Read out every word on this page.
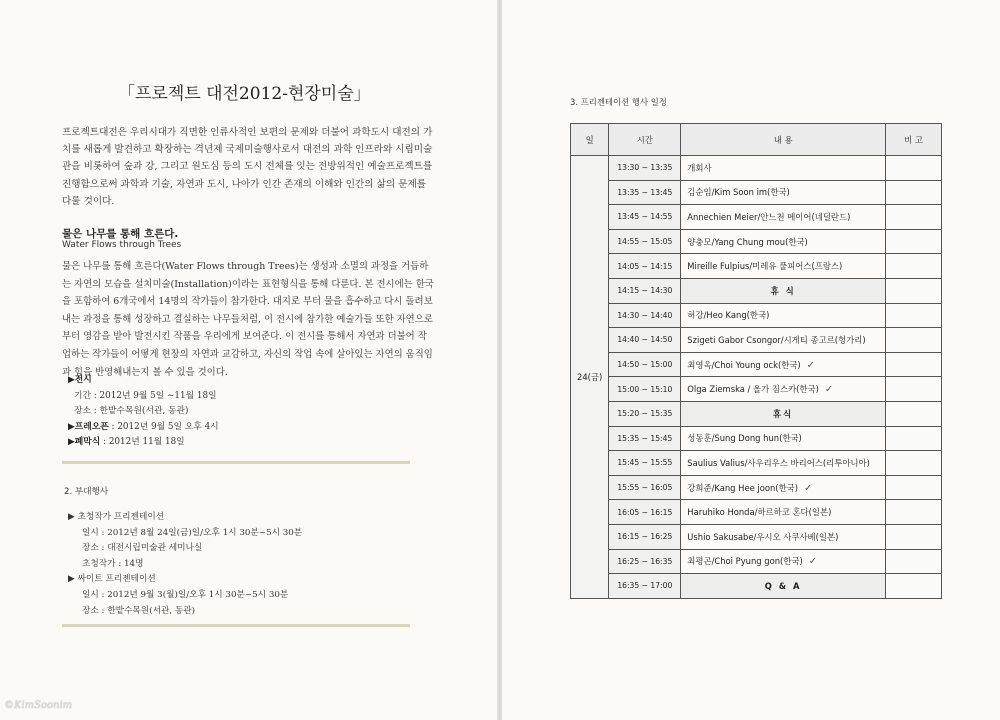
「프로젝트 대전2012-현장미술」

프로젝트대전은 우리시대가 직면한 인류사적인 보편의 문제와 더불어 과학도시 대전의 가치를 새롭게 발견하고 확장하는 격년제 국제미술행사로서 대전의 과학 인프라와 시립미술관을 비롯하여 숲과 강, 그리고 원도심 등의 도시 전체를 잇는 전방위적인 예술프로젝트를 진행함으로써 과학과 기술, 자연과 도시, 나아가 인간 존재의 이해와 인간의 삶의 문제를 다룰 것이다.

물은 나무를 통해 흐른다.
Water Flows through Trees

물은 나무를 통해 흐른다(Water Flows through Trees)는 생성과 소멸의 과정을 거듭하는 자연의 모습을 설치미술(Installation)이라는 표현형식을 통해 다룬다. 본 전시에는 한국을 포함하여 6개국에서 14명의 작가들이 참가한다. 대지로 부터 물을 흡수하고 다시 돌려보내는 과정을 통해 성장하고 결실하는 나무들처럼, 이 전시에 참가한 예술가들 또한 자연으로 부터 영감을 받아 발전시킨 작품을 우리에게 보여준다. 이 전시를 통해서 자연과 더불어 작업하는 작가들이 어떻게 현장의 자연과 교감하고, 자신의 작업 속에 살아있는 자연의 움직임과 힘을 반영해내는지 볼 수 있을 것이다.

▶전시
기간 : 2012년 9월 5일 ~11월 18일
장소 : 한밭수목원(서관, 동관)
▶프레오픈 : 2012년 9월 5일 오후 4시
▶폐막식 : 2012년 11월 18일
2. 부대행사
▶ 초청작가 프리젠테이션
일시 : 2012년 8월 24일(금)일/오후 1시 30분~5시 30분
장소 : 대전시립미술관 세미나실
초청작가 : 14명
▶ 싸이트 프리젠테이션
일시 : 2012년 9월 3(월)일/오후 1시 30분~5시 30분
장소 : 한밭수목원(서관, 동관)
©KimSoonim
3. 프리젠테이션 행사 일정
일	시간	내 용	비 고
24(금)	13:30 ~ 13:35	개회사	
	13:35 ~ 13:45	김순임/Kim Soon im(한국)	
	13:45 ~ 14:55	Annechien Meier/안느천 메이어(네덜란드)	
	14:55 ~ 15:05	양충모/Yang Chung mou(한국)	
	14:05 ~ 14:15	Mireille Fulpius/미레유 풀피어스(프랑스)	
	14:15 ~ 14:30	휴 식	
	14:30 ~ 14:40	허강/Heo Kang(한국)	
	14:40 ~ 14:50	Szigeti Gabor Csongor/시게티 종고르(헝가리)	
	14:50 ~ 15:00	최영옥/Choi Young ock(한국) ✓	
	15:00 ~ 15:10	Olga Ziemska / 올가 짐스카(한국) ✓	
	15:20 ~ 15:35	휴식	
	15:35 ~ 15:45	성동훈/Sung Dong hun(한국)	
	15:45 ~ 15:55	Saulius Valius/사우리우스 바리어스(리투아니아)	
	15:55 ~ 16:05	강희준/Kang Hee joon(한국) ✓	
	16:05 ~ 16:15	Haruhiko Honda/하르하코 혼다(일본)	
	16:15 ~ 16:25	Ushio Sakusabe/우시오 사쿠사베(일본)	
	16:25 ~ 16:35	최평곤/Choi Pyung gon(한국) ✓	
	16:35 ~ 17:00	Q & A	
